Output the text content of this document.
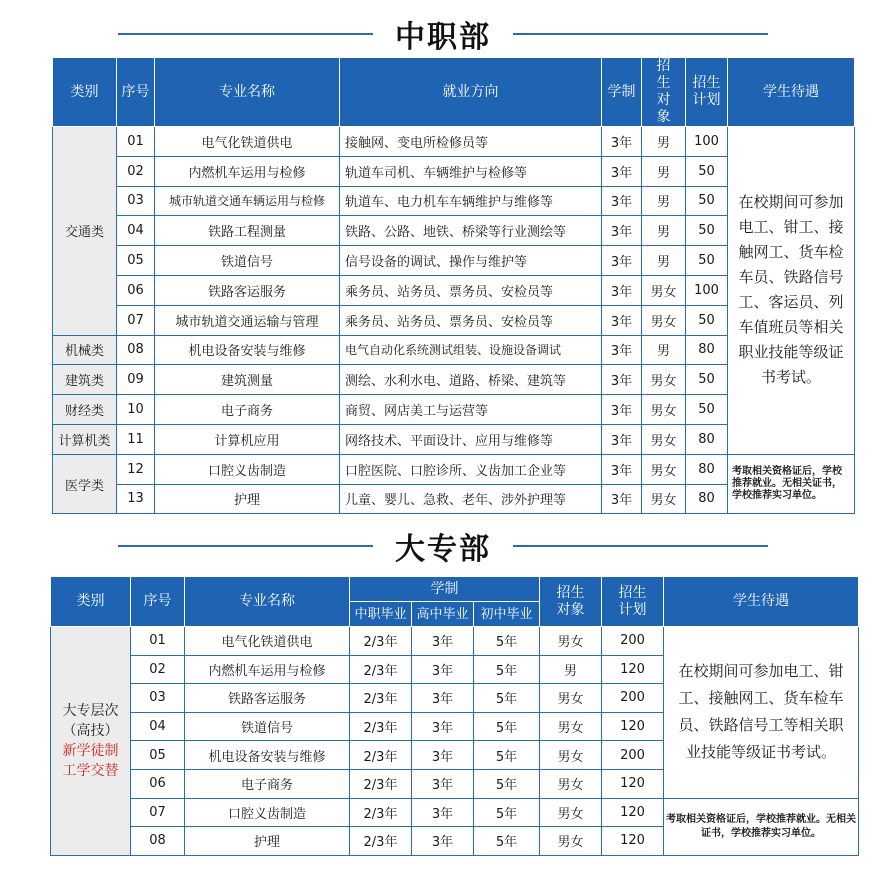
中职部
类别	序号	专业名称	就业方向	学制	招生对象	招生计划	学生待遇
交通类	01	电气化铁道供电	接触网、变电所检修员等	3年	男	100	在校期间可参加电工、钳工、接触网工、货车检车员、铁路信号工、客运员、列车值班员等相关职业技能等级证书考试。
	02	内燃机车运用与检修	轨道车司机、车辆维护与检修等	3年	男	50	
	03	城市轨道交通车辆运用与检修	轨道车、电力机车车辆维护与维修等	3年	男	50	
	04	铁路工程测量	铁路、公路、地铁、桥梁等行业测绘等	3年	男	50	
	05	铁道信号	信号设备的调试、操作与维护等	3年	男	50	
	06	铁路客运服务	乘务员、站务员、票务员、安检员等	3年	男女	100	
	07	城市轨道交通运输与管理	乘务员、站务员、票务员、安检员等	3年	男女	50	
机械类	08	机电设备安装与维修	电气自动化系统测试组装、设施设备调试	3年	男	80	
建筑类	09	建筑测量	测绘、水利水电、道路、桥梁、建筑等	3年	男女	50	
财经类	10	电子商务	商贸、网店美工与运营等	3年	男女	50	
计算机类	11	计算机应用	网络技术、平面设计、应用与维修等	3年	男女	80	
医学类	12	口腔义齿制造	口腔医院、口腔诊所、义齿加工企业等	3年	男女	80	考取相关资格证后，学校推荐就业。无相关证书，学校推荐实习单位。
	13	护理	儿童、婴儿、急救、老年、涉外护理等	3年	男女	80	
大专部
类别	序号	专业名称	学制			招生对象	招生计划	学生待遇
			中职毕业	高中毕业	初中毕业			

大专层次
（高技）
新学徒制
工学交替	01	电气化铁道供电	2/3年	3年	5年	男女	200	在校期间可参加电工、钳工、接触网工、货车检车员、铁路信号工等相关职业技能等级证书考试。
	02	内燃机车运用与检修	2/3年	3年	5年	男	120	
	03	铁路客运服务	2/3年	3年	5年	男女	200	
	04	铁道信号	2/3年	3年	5年	男女	120	
	05	机电设备安装与维修	2/3年	3年	5年	男女	200	
	06	电子商务	2/3年	3年	5年	男女	120	
	07	口腔义齿制造	2/3年	3年	5年	男女	120	考取相关资格证后，学校推荐就业。无相关证书，学校推荐实习单位。
	08	护理	2/3年	3年	5年	男女	120	
